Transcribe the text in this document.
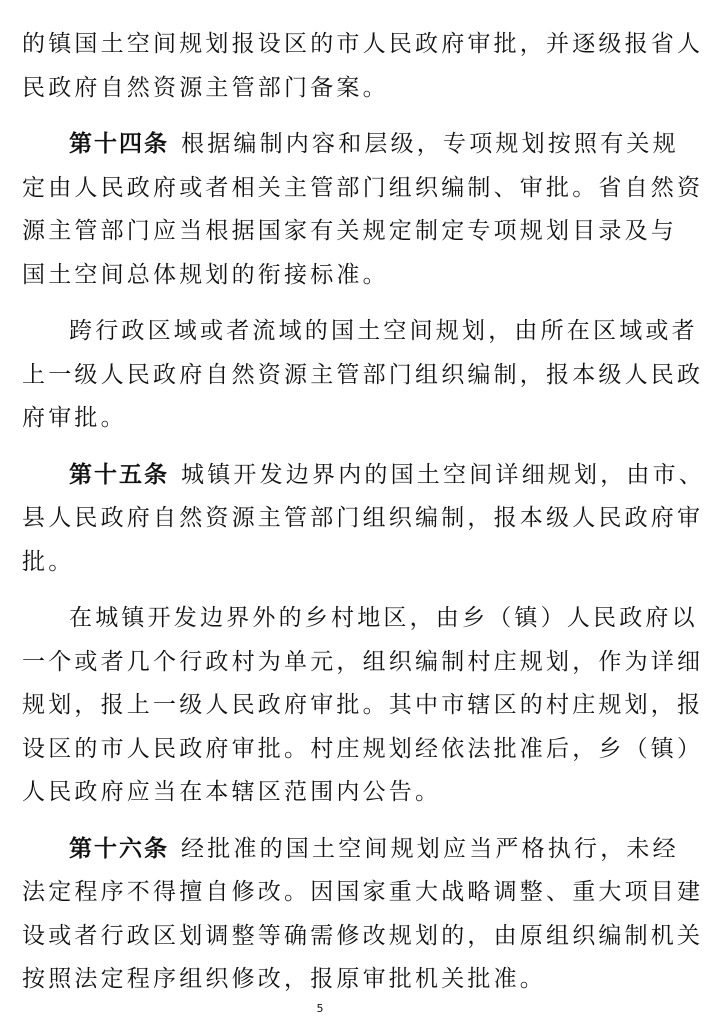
的镇国土空间规划报设区的市人民政府审批，并逐级报省人
民政府自然资源主管部门备案。
第十四条 根据编制内容和层级，专项规划按照有关规
定由人民政府或者相关主管部门组织编制、审批。省自然资
源主管部门应当根据国家有关规定制定专项规划目录及与
国土空间总体规划的衔接标准。
跨行政区域或者流域的国土空间规划，由所在区域或者
上一级人民政府自然资源主管部门组织编制，报本级人民政
府审批。
第十五条 城镇开发边界内的国土空间详细规划，由市、
县人民政府自然资源主管部门组织编制，报本级人民政府审
批。
在城镇开发边界外的乡村地区，由乡（镇）人民政府以
一个或者几个行政村为单元，组织编制村庄规划，作为详细
规划，报上一级人民政府审批。其中市辖区的村庄规划，报
设区的市人民政府审批。村庄规划经依法批准后，乡（镇）
人民政府应当在本辖区范围内公告。
第十六条 经批准的国土空间规划应当严格执行，未经
法定程序不得擅自修改。因国家重大战略调整、重大项目建
设或者行政区划调整等确需修改规划的，由原组织编制机关
按照法定程序组织修改，报原审批机关批准。
5
